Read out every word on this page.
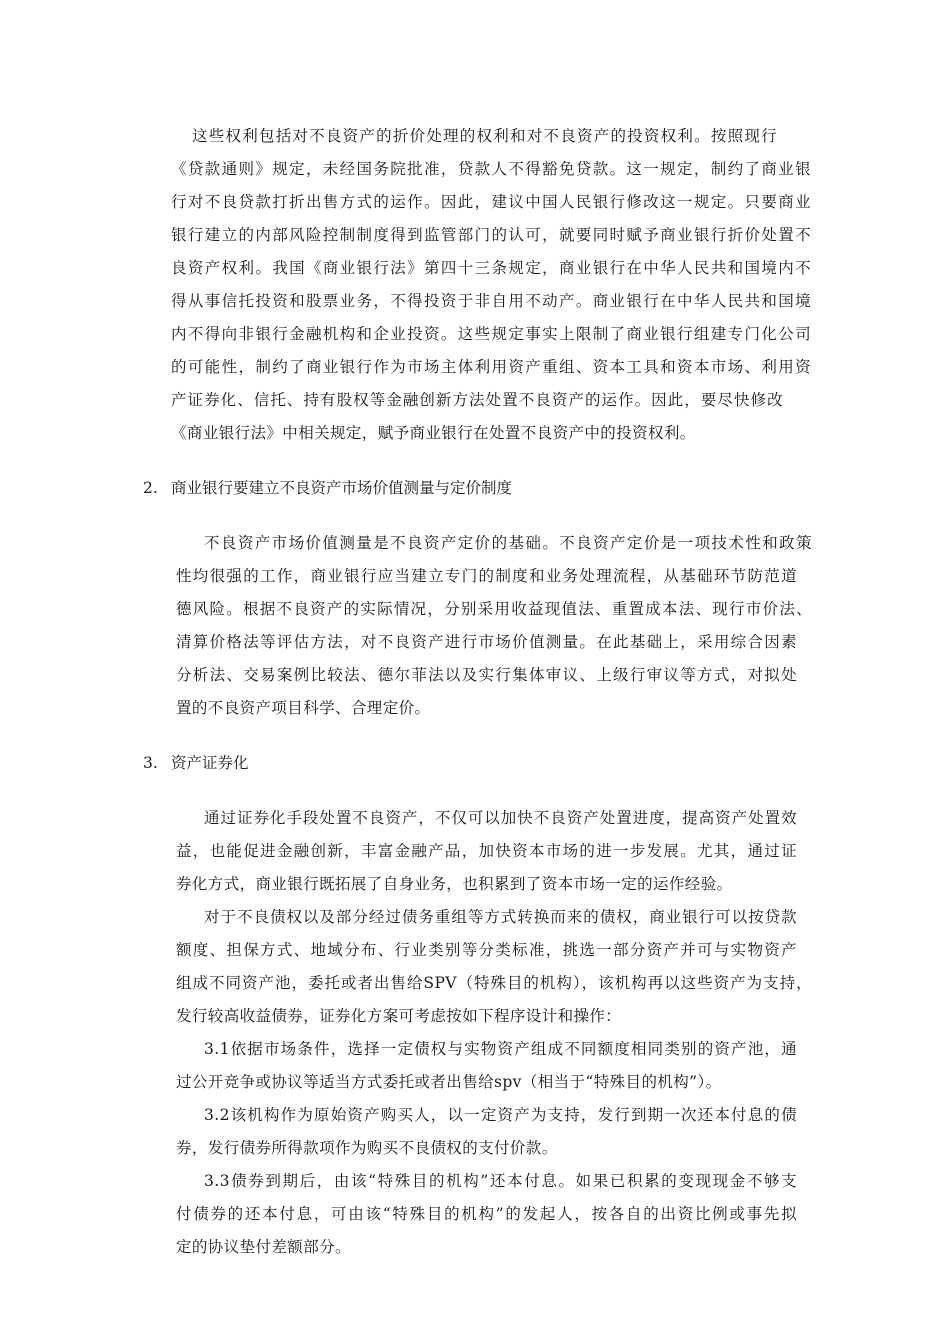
这些权利包括对不良资产的折价处理的权利和对不良资产的投资权利。按照现行
《贷款通则》规定，未经国务院批准，贷款人不得豁免贷款。这一规定，制约了商业银
行对不良贷款打折出售方式的运作。因此，建议中国人民银行修改这一规定。只要商业
银行建立的内部风险控制制度得到监管部门的认可，就要同时赋予商业银行折价处置不
良资产权利。我国《商业银行法》第四十三条规定，商业银行在中华人民共和国境内不
得从事信托投资和股票业务，不得投资于非自用不动产。商业银行在中华人民共和国境
内不得向非银行金融机构和企业投资。这些规定事实上限制了商业银行组建专门化公司
的可能性，制约了商业银行作为市场主体利用资产重组、资本工具和资本市场、利用资
产证券化、信托、持有股权等金融创新方法处置不良资产的运作。因此，要尽快修改
《商业银行法》中相关规定，赋予商业银行在处置不良资产中的投资权利。
2. 商业银行要建立不良资产市场价值测量与定价制度
不良资产市场价值测量是不良资产定价的基础。不良资产定价是一项技术性和政策
性均很强的工作，商业银行应当建立专门的制度和业务处理流程，从基础环节防范道
德风险。根据不良资产的实际情况，分别采用收益现值法、重置成本法、现行市价法、
清算价格法等评估方法，对不良资产进行市场价值测量。在此基础上，采用综合因素
分析法、交易案例比较法、德尔菲法以及实行集体审议、上级行审议等方式，对拟处
置的不良资产项目科学、合理定价。
3. 资产证券化
通过证券化手段处置不良资产，不仅可以加快不良资产处置进度，提高资产处置效
益，也能促进金融创新，丰富金融产品，加快资本市场的进一步发展。尤其，通过证
券化方式，商业银行既拓展了自身业务，也积累到了资本市场一定的运作经验。
对于不良债权以及部分经过债务重组等方式转换而来的债权，商业银行可以按贷款
额度、担保方式、地域分布、行业类别等分类标准，挑选一部分资产并可与实物资产
组成不同资产池，委托或者出售给SPV（特殊目的机构），该机构再以这些资产为支持，
发行较高收益债券，证券化方案可考虑按如下程序设计和操作：
3.1依据市场条件，选择一定债权与实物资产组成不同额度相同类别的资产池，通
过公开竞争或协议等适当方式委托或者出售给spv（相当于“特殊目的机构”）。
3.2该机构作为原始资产购买人，以一定资产为支持，发行到期一次还本付息的债
券，发行债券所得款项作为购买不良债权的支付价款。
3.3债券到期后，由该“特殊目的机构”还本付息。如果已积累的变现现金不够支
付债券的还本付息，可由该“特殊目的机构”的发起人，按各自的出资比例或事先拟
定的协议垫付差额部分。
